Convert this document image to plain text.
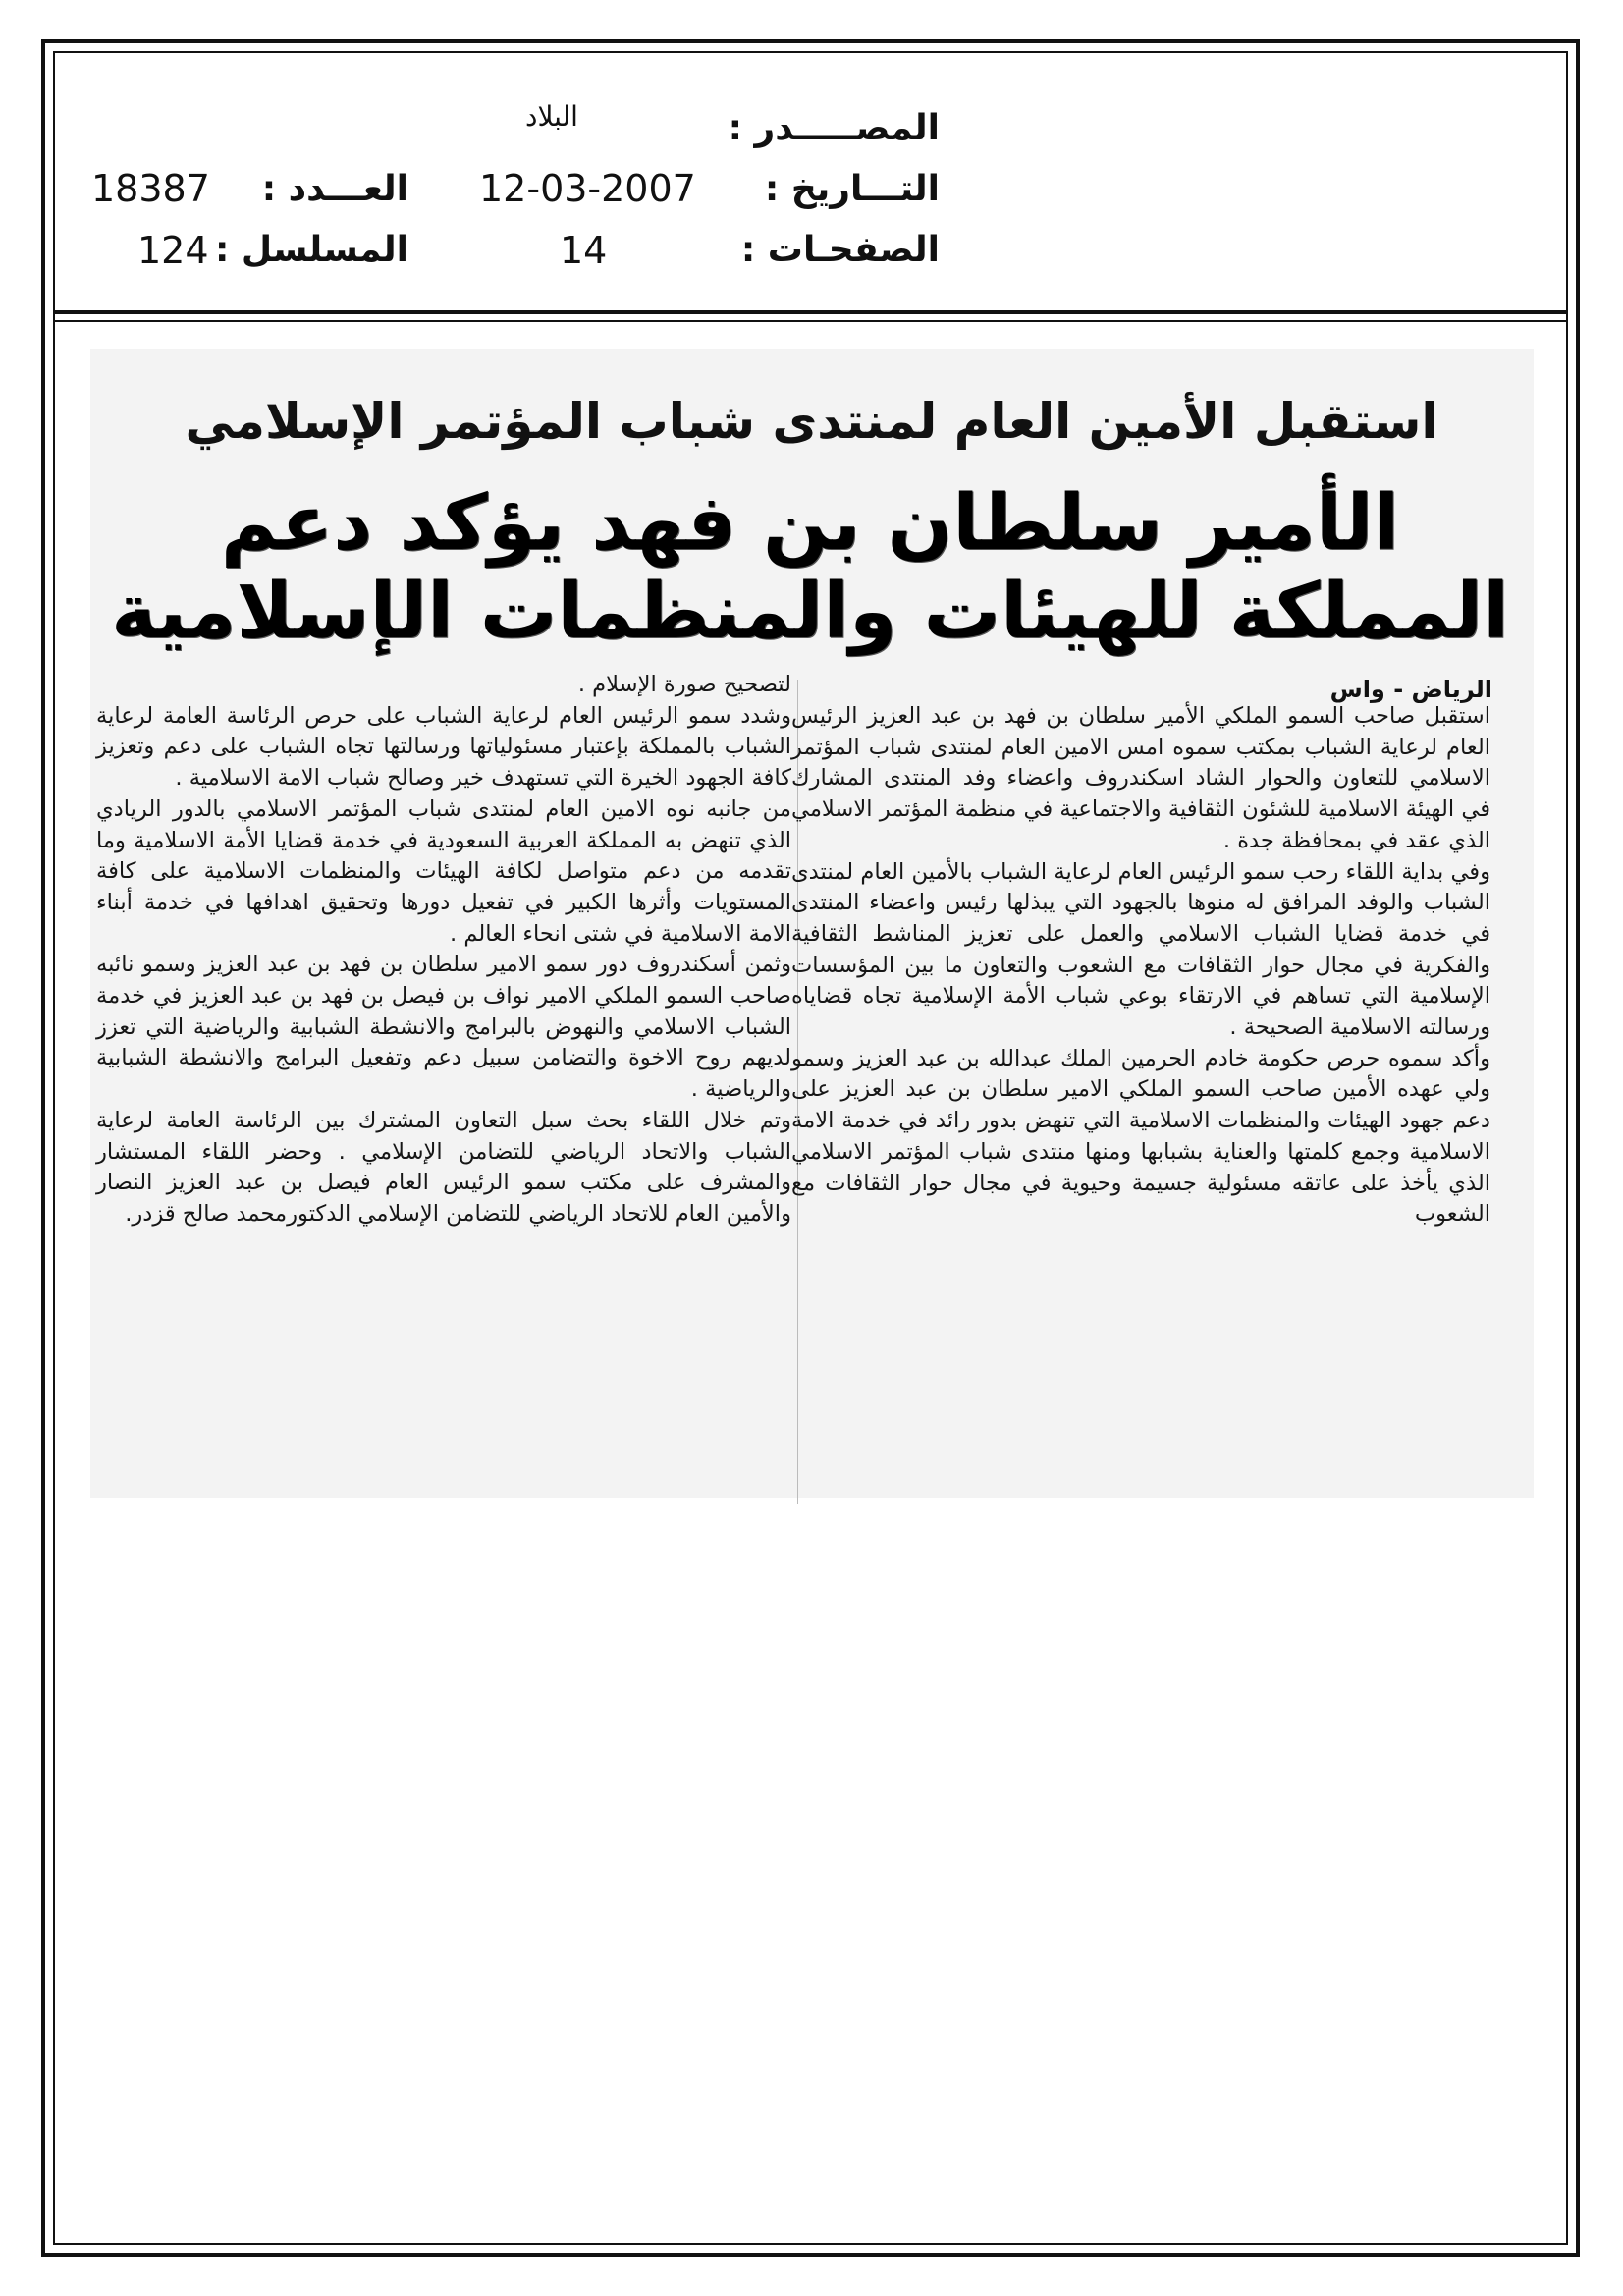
المصـــــدر :
البلاد
التـــاريخ :
12-03-2007
الصفحـات :
14
العـــدد :
18387
المسلسل :
124
استقبل الأمين العام لمنتدى شباب المؤتمر الإسلامي
الأمير سلطان بن فهد يؤكد دعم المملكة للهيئات والمنظمات الإسلامية
الرياض - واس

استقبل صاحب السمو الملكي الأمير سلطان بن فهد بن عبد العزيز الرئيس العام لرعاية الشباب بمكتب سموه امس الامين العام لمنتدى شباب المؤتمر الاسلامي للتعاون والحوار الشاد اسكندروف واعضاء وفد المنتدى المشارك في الهيئة الاسلامية للشئون الثقافية والاجتماعية في منظمة المؤتمر الاسلامي الذي عقد في بمحافظة جدة .

وفي بداية اللقاء رحب سمو الرئيس العام لرعاية الشباب بالأمين العام لمنتدى الشباب والوفد المرافق له منوها بالجهود التي يبذلها رئيس واعضاء المنتدى في خدمة قضايا الشباب الاسلامي والعمل على تعزيز المناشط الثقافية والفكرية في مجال حوار الثقافات مع الشعوب والتعاون ما بين المؤسسات الإسلامية التي تساهم في الارتقاء بوعي شباب الأمة الإسلامية تجاه قضاياه ورسالته الاسلامية الصحيحة .

وأكد سموه حرص حكومة خادم الحرمين الملك عبدالله بن عبد العزيز وسمو ولي عهده الأمين صاحب السمو الملكي الامير سلطان بن عبد العزيز على دعم جهود الهيئات والمنظمات الاسلامية التي تنهض بدور رائد في خدمة الامة الاسلامية وجمع كلمتها والعناية بشبابها ومنها منتدى شباب المؤتمر الاسلامي الذي يأخذ على عاتقه مسئولية جسيمة وحيوية في مجال حوار الثقافات مع الشعوب

لتصحيح صورة الإسلام .

وشدد سمو الرئيس العام لرعاية الشباب على حرص الرئاسة العامة لرعاية الشباب بالمملكة بإعتبار مسئولياتها ورسالتها تجاه الشباب على دعم وتعزيز كافة الجهود الخيرة التي تستهدف خير وصالح شباب الامة الاسلامية .

من جانبه نوه الامين العام لمنتدى شباب المؤتمر الاسلامي بالدور الريادي الذي تنهض به المملكة العربية السعودية في خدمة قضايا الأمة الاسلامية وما تقدمه من دعم متواصل لكافة الهيئات والمنظمات الاسلامية على كافة المستويات وأثرها الكبير في تفعيل دورها وتحقيق اهدافها في خدمة أبناء الامة الاسلامية في شتى انحاء العالم .

وثمن أسكندروف دور سمو الامير سلطان بن فهد بن عبد العزيز وسمو نائبه صاحب السمو الملكي الامير نواف بن فيصل بن فهد بن عبد العزيز في خدمة الشباب الاسلامي والنهوض بالبرامج والانشطة الشبابية والرياضية التي تعزز لديهم روح الاخوة والتضامن سبيل دعم وتفعيل البرامج والانشطة الشبابية والرياضية .

وتم خلال اللقاء بحث سبل التعاون المشترك بين الرئاسة العامة لرعاية الشباب والاتحاد الرياضي للتضامن الإسلامي . وحضر اللقاء المستشار والمشرف على مكتب سمو الرئيس العام فيصل بن عبد العزيز النصار والأمين العام للاتحاد الرياضي للتضامن الإسلامي الدكتورمحمد صالح قزدر.
